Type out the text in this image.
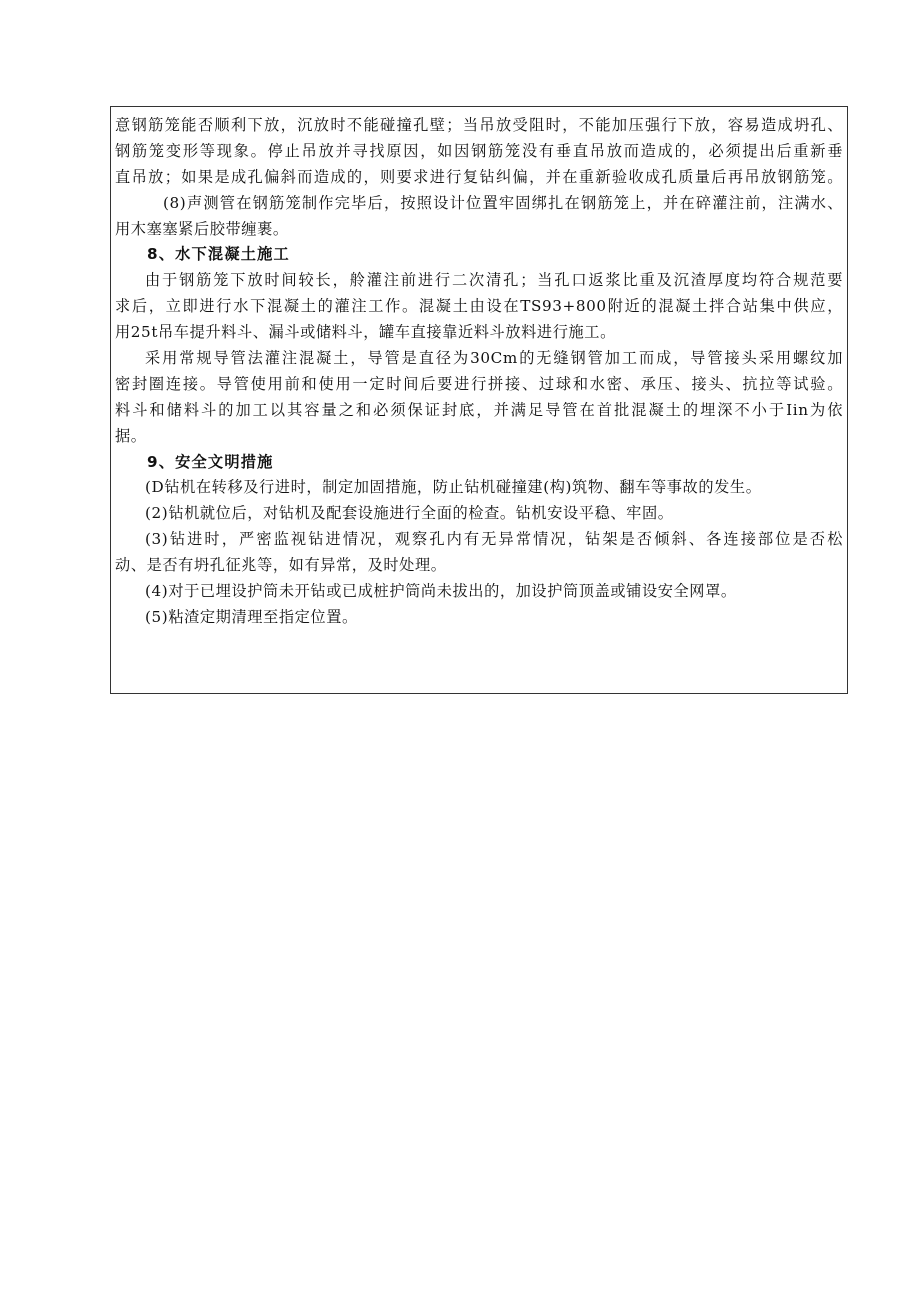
意钢筋笼能否顺利下放，沉放时不能碰撞孔壁；当吊放受阻时，不能加压强行下放，容易造成坍孔、
钢筋笼变形等现象。停止吊放并寻找原因，如因钢筋笼没有垂直吊放而造成的，必须提出后重新垂
直吊放；如果是成孔偏斜而造成的，则要求进行复钻纠偏，并在重新验收成孔质量后再吊放钢筋笼。
(8)声测管在钢筋笼制作完毕后，按照设计位置牢固绑扎在钢筋笼上，并在碎灌注前，注满水、
用木塞塞紧后胶带缠裹。
8、水下混凝土施工
由于钢筋笼下放时间较长，舲灌注前进行二次清孔；当孔口返浆比重及沉渣厚度均符合规范要
求后，立即进行水下混凝土的灌注工作。混凝土由设在TS93+800附近的混凝土拌合站集中供应，
用25t吊车提升料斗、漏斗或储料斗，罐车直接靠近料斗放料进行施工。
采用常规导管法灌注混凝土，导管是直径为30Cm的无缝钢管加工而成，导管接头采用螺纹加
密封圈连接。导管使用前和使用一定时间后要进行拼接、过球和水密、承压、接头、抗拉等试验。
料斗和储料斗的加工以其容量之和必须保证封底，并满足导管在首批混凝土的埋深不小于Iin为依
据。
9、安全文明措施
(D钻机在转移及行进时，制定加固措施，防止钻机碰撞建(构)筑物、翻车等事故的发生。
(2)钻机就位后，对钻机及配套设施进行全面的检查。钻机安设平稳、牢固。
(3)钻进时，严密监视钻进情况，观察孔内有无异常情况，钻架是否倾斜、各连接部位是否松
动、是否有坍孔征兆等，如有异常，及时处理。
(4)对于已埋设护筒未开钻或已成桩护筒尚未拔出的，加设护筒顶盖或铺设安全网罩。
(5)粘渣定期清理至指定位置。
